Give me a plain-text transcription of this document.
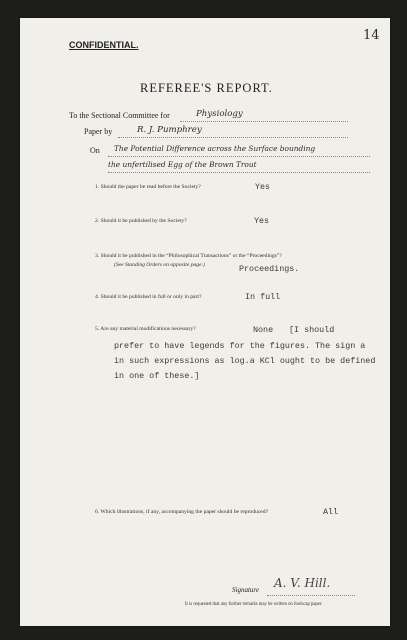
CONFIDENTIAL.
14
REFEREE'S REPORT.
To the Sectional Committee for	Physiology
Paper by	R. J. Pumphrey
On The Potential Difference across the Surface bounding
the unfertilised Egg of the Brown Trout
1. Should the paper be read before the Society?	Yes
2. Should it be published by the Society?	Yes
3. Should it be published in the “Philosophical Transactions” or the “Proceedings”?
(See Standing Orders on opposite page.)	Proceedings.
4. Should it be published in full or only in part?	In full
5. Are any material modifications necessary?	None [I should
prefer to have legends for the figures. The sign a
in such expressions as log.a KCl ought to be defined
in one of these.]
6. Which illustrations, if any, accompanying the paper should be reproduced?	All
Signature A. V. Hill.
It is requested that any further remarks may be written on foolscap paper.
